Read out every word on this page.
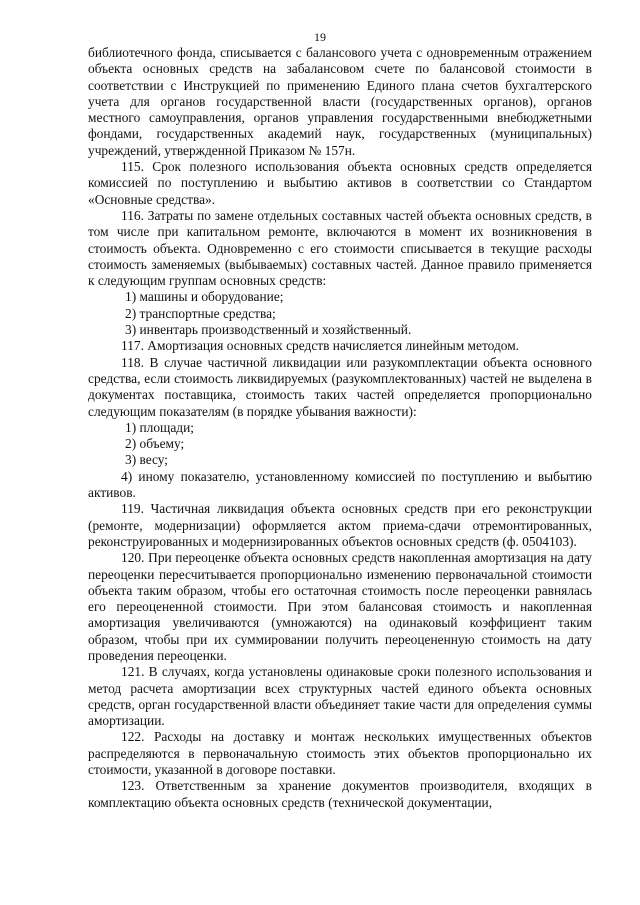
19

библиотечного фонда, списывается с балансового учета с одновременным отражением объекта основных средств на забалансовом счете по балансовой стоимости в соответствии с Инструкцией по применению Единого плана счетов бухгалтерского учета для органов государственной власти (государственных органов), органов местного самоуправления, органов управления государственными внебюджетными фондами, государственных академий наук, государственных (муниципальных) учреждений, утвержденной Приказом № 157н.

115. Срок полезного использования объекта основных средств определяется комиссией по поступлению и выбытию активов в соответствии со Стандартом «Основные средства».

116. Затраты по замене отдельных составных частей объекта основных средств, в том числе при капитальном ремонте, включаются в момент их возникновения в стоимость объекта. Одновременно с его стоимости списывается в текущие расходы стоимость заменяемых (выбываемых) составных частей. Данное правило применяется к следующим группам основных средств:

1) машины и оборудование;

2) транспортные средства;

3) инвентарь производственный и хозяйственный.

117. Амортизация основных средств начисляется линейным методом.

118. В случае частичной ликвидации или разукомплектации объекта основного средства, если стоимость ликвидируемых (разукомплектованных) частей не выделена в документах поставщика, стоимость таких частей определяется пропорционально следующим показателям (в порядке убывания важности):

1) площади;

2) объему;

3) весу;

4) иному показателю, установленному комиссией по поступлению и выбытию активов.

119. Частичная ликвидация объекта основных средств при его реконструкции (ремонте, модернизации) оформляется актом приема-сдачи отремонтированных, реконструированных и модернизированных объектов основных средств (ф. 0504103).

120. При переоценке объекта основных средств накопленная амортизация на дату переоценки пересчитывается пропорционально изменению первоначальной стоимости объекта таким образом, чтобы его остаточная стоимость после переоценки равнялась его переоцененной стоимости. При этом балансовая стоимость и накопленная амортизация увеличиваются (умножаются) на одинаковый коэффициент таким образом, чтобы при их суммировании получить переоцененную стоимость на дату проведения переоценки.

121. В случаях, когда установлены одинаковые сроки полезного использования и метод расчета амортизации всех структурных частей единого объекта основных средств, орган государственной власти объединяет такие части для определения суммы амортизации.

122. Расходы на доставку и монтаж нескольких имущественных объектов распределяются в первоначальную стоимость этих объектов пропорционально их стоимости, указанной в договоре поставки.

123. Ответственным за хранение документов производителя, входящих в комплектацию объекта основных средств (технической документации,
